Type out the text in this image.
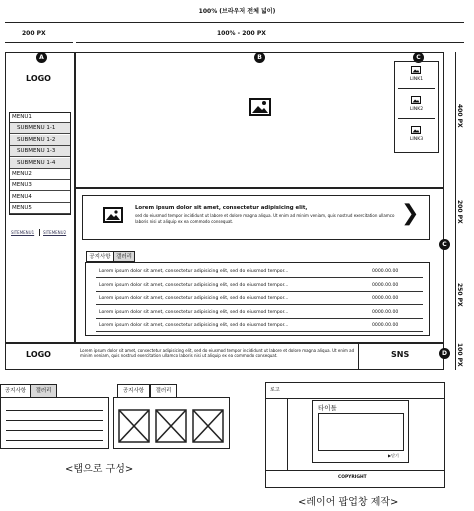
100% (브라우저 전체 넓이)
200 PX	100% - 200 PX
A	B	C
C
D
400 PX
200 PX
250 PX
100 PX
LOGO
MENU1
SUBMENU 1-1
SUBMENU 1-2
SUBMENU 1-3
SUBMENU 1-4
MENU2
MENU3
MENU4
MENU5
SITEMENU1 SITEMENU2
LINK1
LINK2
LINK3
Lorem ipsum dolor sit amet, consectetur adipisicing elit,
sed do eiusmod tempor incididunt ut labore et dolore magna aliqua. Ut enim ad minim veniam, quis nostrud exercitation ullamco laboris nisi ut aliquip ex ea commodo consequat.	❯
공지사항 갤러리
Lorem ipsum dolor sit amet, consectetur adipisicing elit, sed do eiusmod tempor...	0000.00.00
Lorem ipsum dolor sit amet, consectetur adipisicing elit, sed do eiusmod tempor...	0000.00.00
Lorem ipsum dolor sit amet, consectetur adipisicing elit, sed do eiusmod tempor...	0000.00.00
Lorem ipsum dolor sit amet, consectetur adipisicing elit, sed do eiusmod tempor...	0000.00.00
Lorem ipsum dolor sit amet, consectetur adipisicing elit, sed do eiusmod tempor...	0000.00.00
LOGO	Lorem ipsum dolor sit amet, consectetur adipisicing elit, sed do eiusmod tempor incididunt ut labore et dolore magna aliqua. Ut enim ad minim veniam, quis nostrud exercitation ullamco laboris nisi ut aliquip ex ea commodo consequat.	SNS
공지사항	갤러리	공지사항	갤러리
<탭으로 구성>
로고
COPYRIGHT
타이틀
▶닫기
<레이어 팝업창 제작>
